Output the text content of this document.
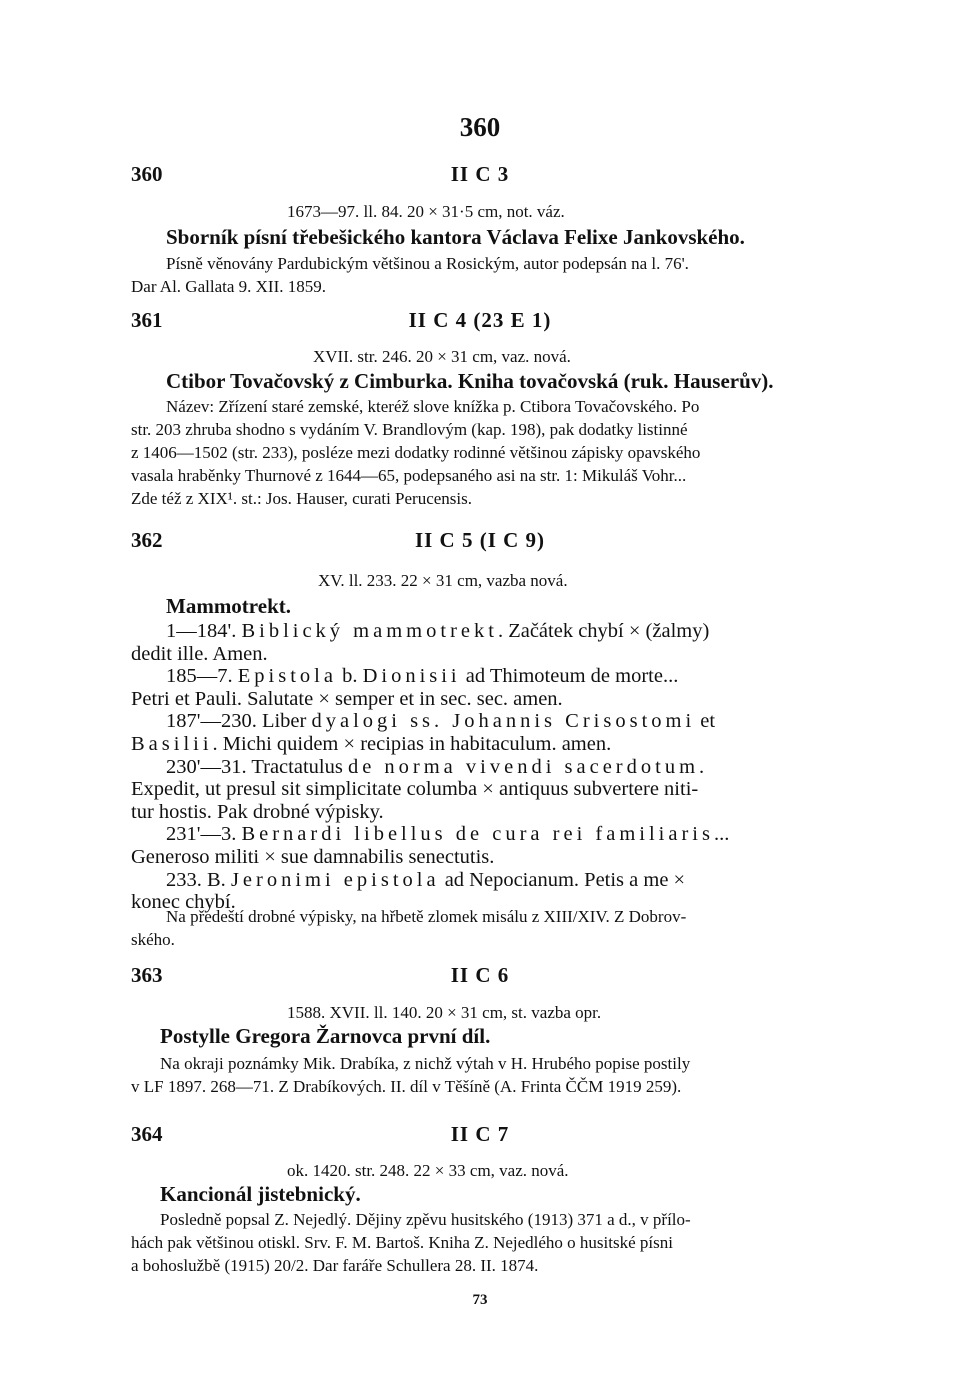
360
360	II C 3
1673—97. ll. 84. 20 × 31·5 cm, not. váz.
Sborník písní třebešického kantora Václava Felixe Jankovského.
Písně věnovány Pardubickým většinou a Rosickým, autor podepsán na l. 76'.
Dar Al. Gallata 9. XII. 1859.
361	II C 4 (23 E 1)
XVII. str. 246. 20 × 31 cm, vaz. nová.
Ctibor Tovačovský z Cimburka. Kniha tovačovská (ruk. Hauserův).
Název: Zřízení staré zemské, kteréž slove knížka p. Ctibora Tovačovského. Po
str. 203 zhruba shodno s vydáním V. Brandlovým (kap. 198), pak dodatky listinné
z 1406—1502 (str. 233), posléze mezi dodatky rodinné většinou zápisky opavského
vasala hraběnky Thurnové z 1644—65, podepsaného asi na str. 1: Mikuláš Vohr...
Zde též z XIX¹. st.: Jos. Hauser, curati Perucensis.
362	II C 5 (I C 9)
XV. ll. 233. 22 × 31 cm, vazba nová.
Mammotrekt.
1—184'. Biblický mammotrekt. Začátek chybí × (žalmy)
dedit ille. Amen.
185—7. Epistola b. Dionisii ad Thimoteum de morte...
Petri et Pauli. Salutate × semper et in sec. sec. amen.
187'—230. Liber dyalogi ss. Johannis Crisostomi et
Basilii. Michi quidem × recipias in habitaculum. amen.
230'—31. Tractatulus de norma vivendi sacerdotum.
Expedit, ut presul sit simplicitate columba × antiquus subvertere niti-
tur hostis. Pak drobné výpisky.
231'—3. Bernardi libellus de cura rei familiaris...
Generoso militi × sue damnabilis senectutis.
233. B. Jeronimi epistola ad Nepocianum. Petis a me ×
konec chybí.
Na předeští drobné výpisky, na hřbetě zlomek misálu z XIII/XIV. Z Dobrov-
ského.
363	II C 6
1588. XVII. ll. 140. 20 × 31 cm, st. vazba opr.
Postylle Gregora Žarnovca první díl.
Na okraji poznámky Mik. Drabíka, z nichž výtah v H. Hrubého popise postily
v LF 1897. 268—71. Z Drabíkových. II. díl v Těšíně (A. Frinta ČČM 1919 259).
364	II C 7
ok. 1420. str. 248. 22 × 33 cm, vaz. nová.
Kancionál jistebnický.
Posledně popsal Z. Nejedlý. Dějiny zpěvu husitského (1913) 371 a d., v přílo-
hách pak většinou otiskl. Srv. F. M. Bartoš. Kniha Z. Nejedlého o husitské písni
a bohoslužbě (1915) 20/2. Dar faráře Schullera 28. II. 1874.
73
